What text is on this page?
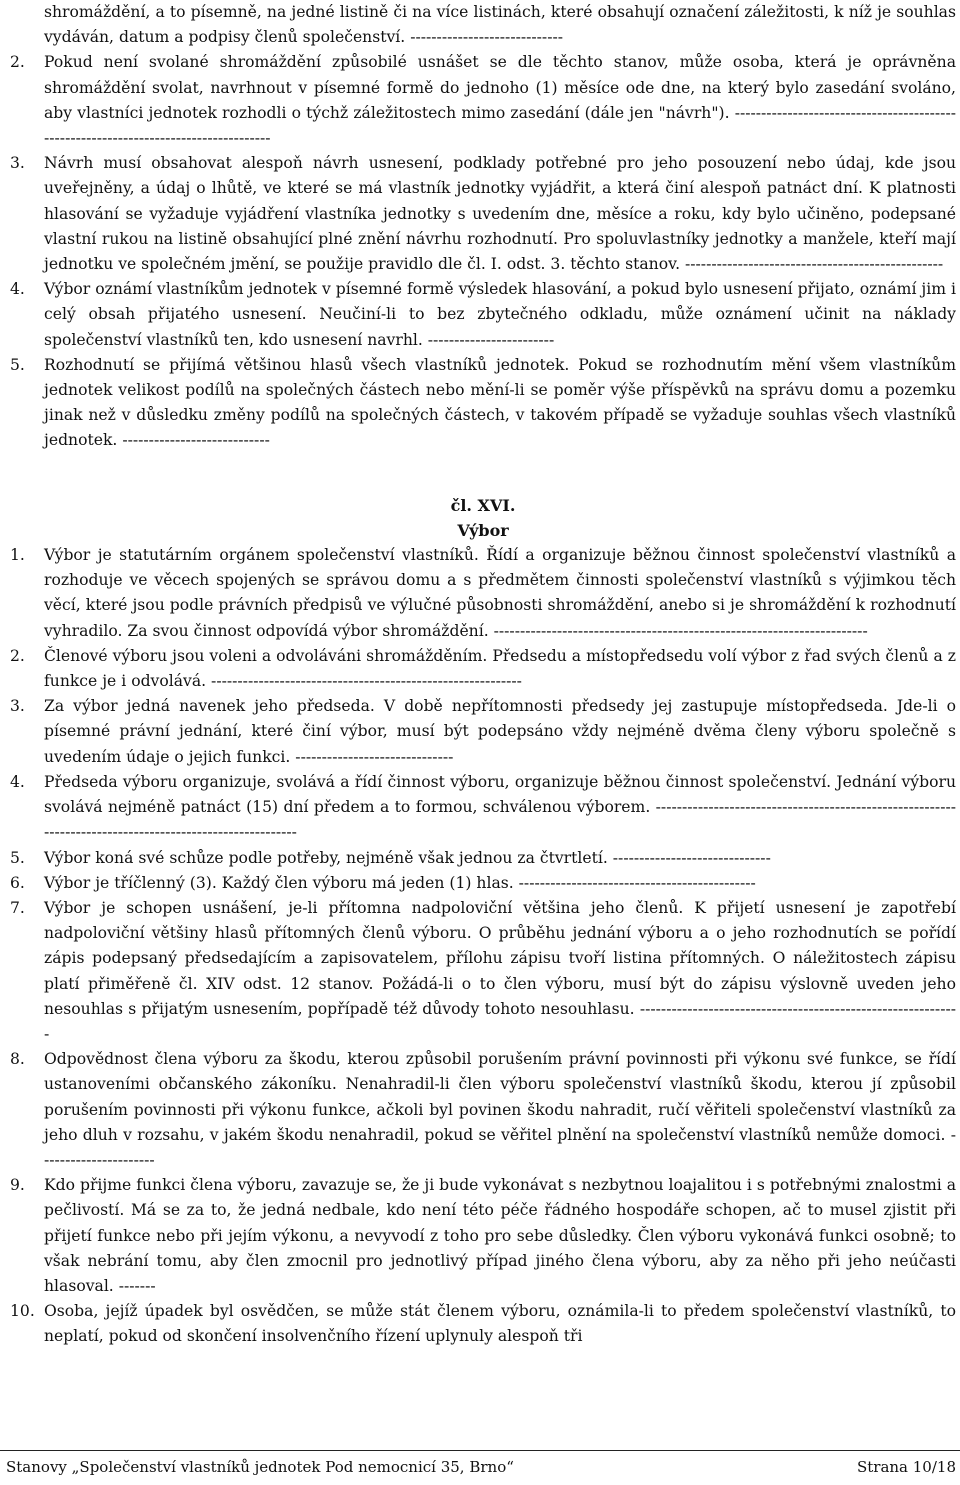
shromáždění, a to písemně, na jedné listině či na více listinách, které obsahují označení záležitosti, k níž je souhlas vydáván, datum a podpisy členů společenství. -----------------------------

2.	Pokud není svolané shromáždění způsobilé usnášet se dle těchto stanov, může osoba, která je oprávněna shromáždění svolat, navrhnout v písemné formě do jednoho (1) měsíce ode dne, na který bylo zasedání svoláno, aby vlastníci jednotek rozhodli o týchž záležitostech mimo zasedání (dále jen "návrh"). -------------------------------------------------------------------------------------
3.	Návrh musí obsahovat alespoň návrh usnesení, podklady potřebné pro jeho posouzení nebo údaj, kde jsou uveřejněny, a údaj o lhůtě, ve které se má vlastník jednotky vyjádřit, a která činí alespoň patnáct dní. K platnosti hlasování se vyžaduje vyjádření vlastníka jednotky s uvedením dne, měsíce a roku, kdy bylo učiněno, podepsané vlastní rukou na listině obsahující plné znění návrhu rozhodnutí. Pro spoluvlastníky jednotky a manžele, kteří mají jednotku ve společném jmění, se použije pravidlo dle čl. I. odst. 3. těchto stanov. -------------------------------------------------
4.	Výbor oznámí vlastníkům jednotek v písemné formě výsledek hlasování, a pokud bylo usnesení přijato, oznámí jim i celý obsah přijatého usnesení. Neučiní-li to bez zbytečného odkladu, může oznámení učinit na náklady společenství vlastníků ten, kdo usnesení navrhl. ------------------------
5.	Rozhodnutí se přijímá většinou hlasů všech vlastníků jednotek. Pokud se rozhodnutím mění všem vlastníkům jednotek velikost podílů na společných částech nebo mění-li se poměr výše příspěvků na správu domu a pozemku jinak než v důsledku změny podílů na společných částech, v takovém případě se vyžaduje souhlas všech vlastníků jednotek. ----------------------------
čl. XVI.
Výbor
1.	Výbor je statutárním orgánem společenství vlastníků. Řídí a organizuje běžnou činnost společenství vlastníků a rozhoduje ve věcech spojených se správou domu a s předmětem činnosti společenství vlastníků s výjimkou těch věcí, které jsou podle právních předpisů ve výlučné působnosti shromáždění, anebo si je shromáždění k rozhodnutí vyhradilo. Za svou činnost odpovídá výbor shromáždění. -----------------------------------------------------------------------
2.	Členové výboru jsou voleni a odvoláváni shromážděním. Předsedu a místopředsedu volí výbor z řad svých členů a z funkce je i odvolává. -----------------------------------------------------------
3.	Za výbor jedná navenek jeho předseda. V době nepřítomnosti předsedy jej zastupuje místopředseda. Jde-li o písemné právní jednání, které činí výbor, musí být podepsáno vždy nejméně dvěma členy výboru společně s uvedením údaje o jejich funkci. ------------------------------
4.	Předseda výboru organizuje, svolává a řídí činnost výboru, organizuje běžnou činnost společenství. Jednání výboru svolává nejméně patnáct (15) dní předem a to formou, schválenou výborem. ---------------------------------------------------------------------------------------------------------
5.	Výbor koná své schůze podle potřeby, nejméně však jednou za čtvrtletí. ------------------------------
6.	Výbor je tříčlenný (3). Každý člen výboru má jeden (1) hlas. ---------------------------------------------
7.	Výbor je schopen usnášení, je-li přítomna nadpoloviční většina jeho členů. K přijetí usnesení je zapotřebí nadpoloviční většiny hlasů přítomných členů výboru. O průběhu jednání výboru a o jeho rozhodnutích se pořídí zápis podepsaný předsedajícím a zapisovatelem, přílohu zápisu tvoří listina přítomných. O náležitostech zápisu platí přiměřeně čl. XIV odst. 12 stanov. Požádá-li o to člen výboru, musí být do zápisu výslovně uveden jeho nesouhlas s přijatým usnesením, popřípadě též důvody tohoto nesouhlasu. -------------------------------------------------------------
8.	Odpovědnost člena výboru za škodu, kterou způsobil porušením právní povinnosti při výkonu své funkce, se řídí ustanoveními občanského zákoníku. Nenahradil-li člen výboru společenství vlastníků škodu, kterou jí způsobil porušením povinnosti při výkonu funkce, ačkoli byl povinen škodu nahradit, ručí věřiteli společenství vlastníků za jeho dluh v rozsahu, v jakém škodu nenahradil, pokud se věřitel plnění na společenství vlastníků nemůže domoci. ----------------------
9.	Kdo přijme funkci člena výboru, zavazuje se, že ji bude vykonávat s nezbytnou loajalitou i s potřebnými znalostmi a pečlivostí. Má se za to, že jedná nedbale, kdo není této péče řádného hospodáře schopen, ač to musel zjistit při přijetí funkce nebo při jejím výkonu, a nevyvodí z toho pro sebe důsledky. Člen výboru vykonává funkci osobně; to však nebrání tomu, aby člen zmocnil pro jednotlivý případ jiného člena výboru, aby za něho při jeho neúčasti hlasoval. -------
10. Osoba, jejíž úpadek byl osvědčen, se může stát členem výboru, oznámila-li to předem společenství vlastníků, to neplatí, pokud od skončení insolvenčního řízení uplynuly alespoň tři
Stanovy „Společenství vlastníků jednotek Pod nemocnicí 35, Brno“	Strana 10/18
